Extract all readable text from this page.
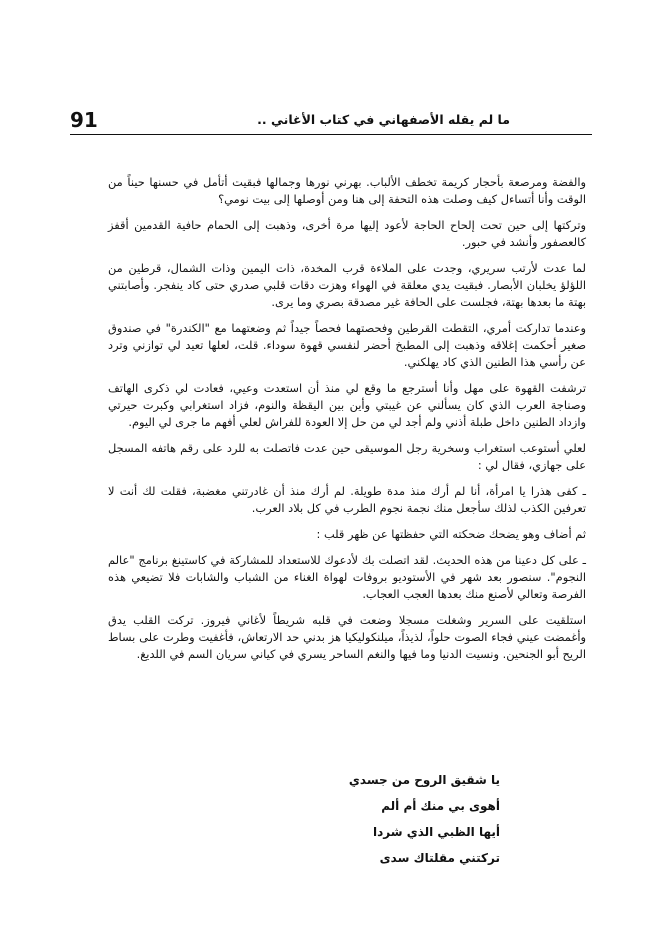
91	ما لم يقله الأصفهاني في كتاب الأغاني ..

والفضة ومرصعة بأحجار كريمة تخطف الألباب. بهرني نورها وجمالها فبقيت أتأمل في حسنها حيناً من الوقت وأنا أتساءل كيف وصلت هذه التحفة إلى هنا ومن أوصلها إلى بيت نومي؟

وتركتها إلى حين تحت إلحاح الحاجة لأعود إليها مرة أخرى، وذهبت إلى الحمام حافية القدمين أقفز كالعصفور وأنشد في حبور.

لما عدت لأرتب سريري، وجدت على الملاءة قرب المخدة، ذات اليمين وذات الشمال، قرطين من اللؤلؤ يخلبان الأبصار. فبقيت يدي معلقة في الهواء وهزت دقات قلبي صدري حتى كاد ينفجر. وأصابتني بهتة ما بعدها بهتة، فجلست على الحافة غير مصدقة بصري وما يرى.

وعندما تداركت أمري، التقطت القرطين وفحصتهما فحصاً جيداً ثم وضعتهما مع "الكندرة" في صندوق صغير أحكمت إغلاقه وذهبت إلى المطبخ أحضر لنفسي قهوة سوداء. قلت، لعلها تعيد لي توازني وترد عن رأسي هذا الطنين الذي كاد يهلكني.

ترشفت القهوة على مهل وأنا أسترجع ما وقع لي منذ أن استعدت وعيي، فعادت لي ذكرى الهاتف وصناجة العرب الذي كان يسألني عن غيبتي وأين بين اليقظة والنوم، فزاد استغرابي وكبرت حيرتي وازداد الطنين داخل طبلة أذني ولم أجد لي من حل إلا العودة للفراش لعلي أفهم ما جرى لي اليوم.

لعلي أستوعب استغراب وسخرية رجل الموسيقى حين عدت فاتصلت به للرد على رقم هاتفه المسجل على جهازي، فقال لي :

ـ كفى هذرا يا امرأة، أنا لم أرك منذ مدة طويلة. لم أرك منذ أن غادرتني مغضبة، فقلت لك أنت لا تعرفين الكذب لذلك سأجعل منك نجمة نجوم الطرب في كل بلاد العرب.

ثم أضاف وهو يضحك ضحكته التي حفظتها عن ظهر قلب :

ـ على كل دعينا من هذه الحديث. لقد اتصلت بك لأدعوك للاستعداد للمشاركة في كاستينغ برنامج "عالم النجوم". سنصور بعد شهر في الأستوديو بروفات لهواة الغناء من الشباب والشابات فلا تضيعي هذه الفرصة وتعالي لأصنع منك بعدها العجب العجاب.

استلقيت على السرير وشغلت مسجلا وضعت في قلبه شريطاً لأغاني فيروز. تركت القلب يدق وأغمضت عيني فجاء الصوت حلواً، لذيذاً، ميلنكوليكيا هز بدني حد الارتعاش، فأغفيت وطرت على بساط الريح أبو الجنحين. ونسيت الدنيا وما فيها والنغم الساحر يسري في كياني سريان السم في اللديغ.

يا شقيق الروح من جسدي
أهوى بي منك أم ألم
أيها الظبي الذي شردا
تركتني مقلتاك سدى
